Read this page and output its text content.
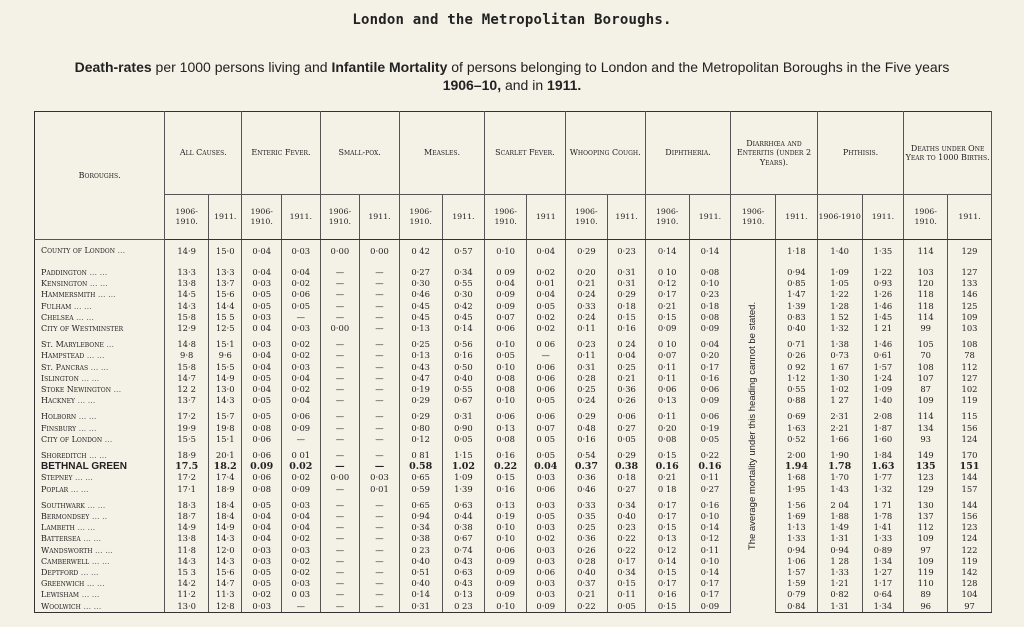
London and the Metropolitan Boroughs.
Death-rates per 1000 persons living and Infantile Mortality of persons belonging to London and the Metropolitan Boroughs in the Five years 1906–10, and in 1911.
Boroughs.	All Causes.		Enteric Fever.		Small-pox.		Measles.		Scarlet Fever.		Whooping Cough.		Diphtheria.		Diarrhœa and Enteritis (under 2 Years).		Phthisis.		Deaths under One Year to 1000 Births.	
	1906-1910.	1911.	1906-1910.	1911.	1906-1910.	1911.	1906-1910.	1911.	1906-1910.	1911	1906-1910.	1911.	1906-1910.	1911.	1906-1910.	1911.	1906-1910	1911.	1906-1910.	1911.
County of London ...	14·9	15·0	0·04	0·03	0·00	0·00	0 42	0·57	0·10	0·04	0·29	0·23	0·14	0·14	The average mortality under this heading cannot be stated.	1·18	1·40	1·35	114	129

Paddington ... ...	13·3	13·3	0·04	0·04	—	—	0·27	0·34	0 09	0·02	0·20	0·31	0 10	0·08		0·94	1·09	1·22	103	127
Kensington ... ...	13·8	13·7	0·03	0·02	—	—	0·30	0·55	0·04	0·01	0·21	0·31	0·12	0·10		0·85	1·05	0·93	120	133
Hammersmith ... ...	14·5	15·6	0·05	0·06	—	—	0·46	0·30	0·09	0·04	0·24	0·29	0·17	0·23		1·47	1·22	1·26	118	146
Fulham ... ...	14·3	14·4	0·05	0·05	—	—	0·45	0·42	0·09	0·05	0·33	0·18	0·21	0·18		1·39	1·28	1·46	118	125
Chelsea ... ...	15·8	15 5	0·03	—	—	—	0·45	0·45	0·07	0·02	0·24	0·15	0·15	0·08		0·83	1 52	1·45	114	109
City of Westminster	12·9	12·5	0 04	0·03	0·00	—	0·13	0·14	0·06	0·02	0·11	0·16	0·09	0·09		0·40	1·32	1 21	99	103

St. Marylebone ...	14·8	15·1	0·03	0·02	—	—	0·25	0·56	0·10	0 06	0·23	0 24	0 10	0·04		0·71	1·38	1·46	105	108
Hampstead ... ...	9·8	9·6	0·04	0·02	—	—	0·13	0·16	0·05	—	0·11	0·04	0·07	0·20		0·26	0·73	0·61	70	78
St. Pancras ... ...	15·8	15·5	0·04	0·03	—	—	0·43	0·50	0·10	0·06	0·31	0·25	0·11	0·17		0 92	1 67	1·57	108	112
Islington ... ...	14·7	14·9	0·05	0·04	—	—	0·47	0·40	0·08	0·06	0·28	0·21	0·11	0·16		1·12	1·30	1·24	107	127
Stoke Newington ...	12 2	13·0	0·04	0·02	—	—	0·19	0·55	0·08	0·06	0·25	0·36	0·06	0·06		0·55	1·02	1·09	87	102
Hackney ... ...	13·7	14·3	0·05	0·04	—	—	0·29	0·67	0·10	0·05	0·24	0·26	0·13	0·09		0·88	1 27	1·40	109	119

Holborn ... ...	17·2	15·7	0·05	0·06	—	—	0·29	0·31	0·06	0·06	0·29	0·06	0·11	0·06		0·69	2·31	2·08	114	115
Finsbury ... ...	19·9	19·8	0·08	0·09	—	—	0·80	0·90	0·13	0·07	0·48	0·27	0·20	0·19		1·63	2·21	1·87	134	156
City of London ...	15·5	15·1	0·06	—	—	—	0·12	0·05	0·08	0 05	0·16	0·05	0·08	0·05		0·52	1·66	1·60	93	124

Shoreditch ... ...	18·9	20·1	0·06	0 01	—	—	0 81	1·15	0·16	0·05	0·54	0·29	0·15	0·22		2·00	1·90	1·84	149	170
BETHNAL GREEN	17.5	18.2	0.09	0.02	—	—	0.58	1.02	0.22	0.04	0.37	0.38	0.16	0.16		1.94	1.78	1.63	135	151
Stepney ... ...	17·2	17·4	0·06	0·02	0·00	0·03	0·65	1·09	0·15	0·03	0·36	0·18	0·21	0·11		1·68	1·70	1·77	123	144
Poplar ... ...	17·1	18·9	0·08	0·09	—	0·01	0·59	1·39	0·16	0·06	0·46	0·27	0 18	0·27		1·95	1·43	1·32	129	157

Southwark ... ...	18·3	18·4	0·05	0·03	—	—	0·65	0·63	0·13	0·03	0·33	0·34	0·17	0·16		1·56	2 04	1 71	130	144
Bermondsey ... ..	18·7	18·4	0·04	0·04	—	—	0·94	0·44	0·19	0·05	0·35	0·40	0·17	0·10		1·69	1·88	1·78	137	156
Lambeth ... ...	14·9	14·9	0·04	0·04	—	—	0·34	0·38	0·10	0·03	0·25	0·23	0·15	0·14		1·13	1·49	1·41	112	123
Battersea ... ...	13·8	14·3	0·04	0·02	—	—	0·38	0·67	0·10	0·02	0·36	0·22	0·13	0·12		1·33	1·31	1·33	109	124
Wandsworth ... ...	11·8	12·0	0·03	0·03	—	—	0 23	0·74	0·06	0·03	0·26	0·22	0·12	0·11		0·94	0·94	0·89	97	122
Camberwell ... ...	14·3	14·3	0·03	0·02	—	—	0·40	0·43	0·09	0·03	0·28	0·17	0·14	0·10		1·06	1 28	1·34	109	119
Deptford ... ...	15 3	15·6	0·05	0·02	—	—	0·51	0·63	0·09	0·06	0·40	0·34	0·15	0·14		1·57	1·33	1·27	119	142
Greenwich ... ...	14·2	14·7	0·05	0·03	—	—	0·40	0·43	0·09	0·03	0·37	0·15	0·17	0·17		1·59	1·21	1·17	110	128
Lewisham ... ...	11·2	11·3	0·02	0 03	—	—	0·14	0·13	0·09	0·03	0·21	0·11	0·16	0·17		0·79	0·82	0·64	89	104
Woolwich ... ...	13·0	12·8	0·03	—	—	—	0·31	0 23	0·10	0·09	0·22	0·05	0·15	0·09		0·84	1·31	1·34	96	97
